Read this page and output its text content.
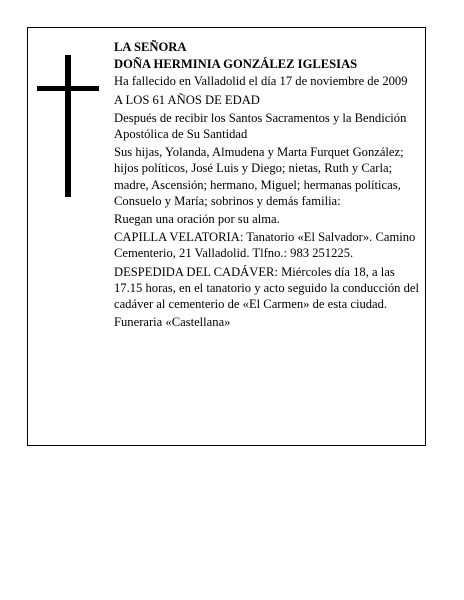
LA SEÑORA

DOÑA HERMINIA GONZÁLEZ IGLESIAS

Ha fallecido en Valladolid el día 17 de noviembre de 2009

A LOS 61 AÑOS DE EDAD

Después de recibir los Santos Sacramentos y la Bendición Apostólica de Su Santidad

Sus hijas, Yolanda, Almudena y Marta Furquet González; hijos políticos, José Luis y Diego; nietas, Ruth y Carla; madre, Ascensión; hermano, Miguel; hermanas políticas, Consuelo y María; sobrinos y demás familia:

Ruegan una oración por su alma.

CAPILLA VELATORIA: Tanatorio «El Salvador». Camino Cementerio, 21 Valladolid. Tlfno.: 983 251225.

DESPEDIDA DEL CADÁVER: Miércoles día 18, a las 17.15 horas, en el tanatorio y acto seguido la conducción del cadáver al cementerio de «El Carmen» de esta ciudad.

Funeraria «Castellana»
